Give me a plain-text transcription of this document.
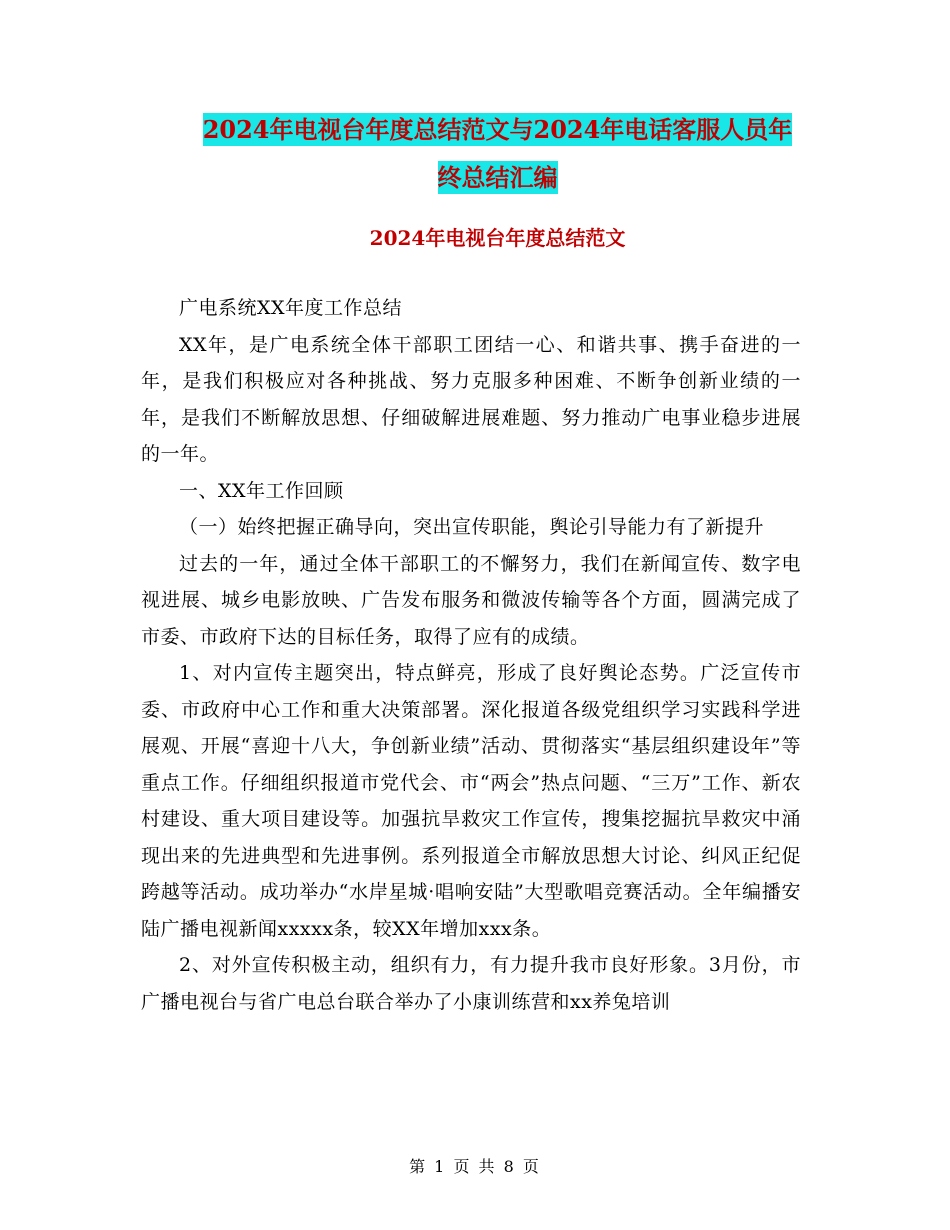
2024年电视台年度总结范文与2024年电话客服人员年
终总结汇编
2024年电视台年度总结范文

广电系统XX年度工作总结

XX年，是广电系统全体干部职工团结一心、和谐共事、携手奋进的一年，是我们积极应对各种挑战、努力克服多种困难、不断争创新业绩的一年，是我们不断解放思想、仔细破解进展难题、努力推动广电事业稳步进展的一年。

一、XX年工作回顾

（一）始终把握正确导向，突出宣传职能，舆论引导能力有了新提升

过去的一年，通过全体干部职工的不懈努力，我们在新闻宣传、数字电视进展、城乡电影放映、广告发布服务和微波传输等各个方面，圆满完成了市委、市政府下达的目标任务，取得了应有的成绩。

1、对内宣传主题突出，特点鲜亮，形成了良好舆论态势。广泛宣传市委、市政府中心工作和重大决策部署。深化报道各级党组织学习实践科学进展观、开展“喜迎十八大，争创新业绩”活动、贯彻落实“基层组织建设年”等重点工作。仔细组织报道市党代会、市“两会”热点问题、“三万”工作、新农村建设、重大项目建设等。加强抗旱救灾工作宣传，搜集挖掘抗旱救灾中涌现出来的先进典型和先进事例。系列报道全市解放思想大讨论、纠风正纪促跨越等活动。成功举办“水岸星城·唱响安陆”大型歌唱竞赛活动。全年编播安陆广播电视新闻xxxxx条，较XX年增加xxx条。

2、对外宣传积极主动，组织有力，有力提升我市良好形象。3月份，市广播电视台与省广电总台联合举办了小康训练营和xx养兔培训

第 1 页 共 8 页
